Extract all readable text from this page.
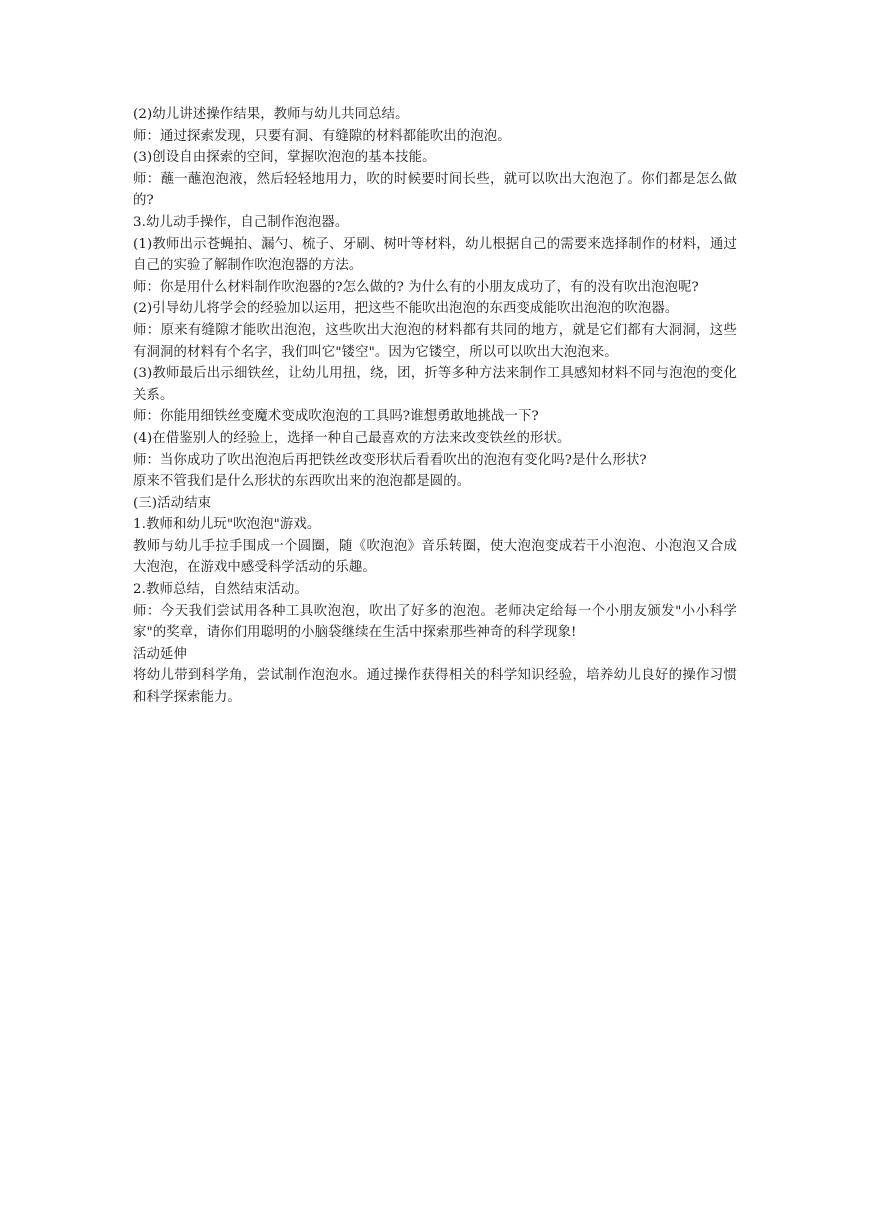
(2)幼儿讲述操作结果，教师与幼儿共同总结。

师：通过探索发现，只要有洞、有缝隙的材料都能吹出的泡泡。

(3)创设自由探索的空间，掌握吹泡泡的基本技能。

师：蘸一蘸泡泡液，然后轻轻地用力，吹的时候要时间长些，就可以吹出大泡泡了。你们都是怎么做的?

3.幼儿动手操作，自己制作泡泡器。

(1)教师出示苍蝇拍、漏勺、梳子、牙刷、树叶等材料，幼儿根据自己的需要来选择制作的材料，通过自己的实验了解制作吹泡泡器的方法。

师：你是用什么材料制作吹泡器的?怎么做的? 为什么有的小朋友成功了，有的没有吹出泡泡呢?

(2)引导幼儿将学会的经验加以运用，把这些不能吹出泡泡的东西变成能吹出泡泡的吹泡器。

师：原来有缝隙才能吹出泡泡，这些吹出大泡泡的材料都有共同的地方，就是它们都有大洞洞，这些有洞洞的材料有个名字，我们叫它"镂空"。因为它镂空，所以可以吹出大泡泡来。

(3)教师最后出示细铁丝，让幼儿用扭，绕，团，折等多种方法来制作工具感知材料不同与泡泡的变化关系。

师：你能用细铁丝变魔术变成吹泡泡的工具吗?谁想勇敢地挑战一下?

(4)在借鉴别人的经验上，选择一种自己最喜欢的方法来改变铁丝的形状。

师：当你成功了吹出泡泡后再把铁丝改变形状后看看吹出的泡泡有变化吗?是什么形状?

原来不管我们是什么形状的东西吹出来的泡泡都是圆的。

(三)活动结束

1.教师和幼儿玩"吹泡泡"游戏。

教师与幼儿手拉手围成一个圆圈，随《吹泡泡》音乐转圈，使大泡泡变成若干小泡泡、小泡泡又合成大泡泡，在游戏中感受科学活动的乐趣。

2.教师总结，自然结束活动。

师：今天我们尝试用各种工具吹泡泡，吹出了好多的泡泡。老师决定给每一个小朋友颁发"小小科学家"的奖章，请你们用聪明的小脑袋继续在生活中探索那些神奇的科学现象!

活动延伸

将幼儿带到科学角，尝试制作泡泡水。通过操作获得相关的科学知识经验，培养幼儿良好的操作习惯和科学探索能力。
